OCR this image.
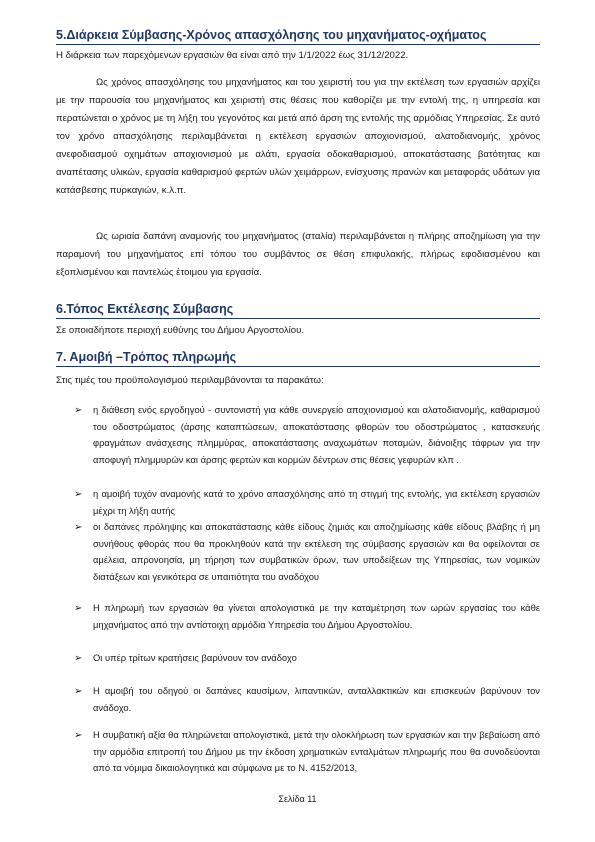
5.Διάρκεια Σύμβασης-Χρόνος απασχόλησης του μηχανήματος-οχήματος

Η διάρκεια των παρεχόμενων εργασιών θα είναι από την 1/1/2022 έως 31/12/2022.

Ως χρόνος απασχόλησης του μηχανήματος και του χειριστή του για την εκτέλεση των εργασιών αρχίζει με την παρουσία του μηχανήματος και χειριστή στις θέσεις που καθορίζει με την εντολή της, η υπηρεσία και περατώνεται ο χρόνος με τη λήξη του γεγονότος και μετά από άρση της εντολής της αρμόδιας Υπηρεσίας. Σε αυτό τον χρόνο απασχόλησης περιλαμβάνεται η εκτέλεση εργασιών αποχιονισμού, αλατοδιανομής, χρόνος ανεφοδιασμού οχημάτων αποχιονισμού με αλάτι, εργασία οδοκαθαρισμού, αποκατάστασης βατότητας και αναπέτασης υλικών, εργασία καθαρισμού φερτών υλών χειμάρρων, ενίσχυσης πρανών και μεταφοράς υδάτων για κατάσβεσης πυρκαγιών, κ.λ.π.

Ως ωριαία δαπάνη αναμονής του μηχανήματος (σταλία) περιλαμβάνεται η πλήρης αποζημίωση για την παραμονή του μηχανήματος επί τόπου του συμβάντος σε θέση επιφυλακής, πλήρως εφοδιασμένου και εξοπλισμένου και παντελώς έτοιμου για εργασία.

6.Τόπος Εκτέλεσης Σύμβασης

Σε οποιαδήποτε περιοχή ευθύνης του Δήμου Αργοστολίου.

7. Αμοιβή –Τρόπος πληρωμής

Στις τιμές του προϋπολογισμού περιλαμβάνονται τα παρακάτω:

➢	η διάθεση ενός εργοδηγού - συντονιστή για κάθε συνεργείο αποχιονισμού και αλατοδιανομής, καθαρισμού του οδοστρώματος (άρσης καταπτώσεων, αποκατάστασης φθορών του οδοστρώματος , κατασκευής φραγμάτων ανάσχεσης πλημμύρας, αποκατάστασης αναχωμάτων ποταμών, διάνοιξης τάφρων για την αποφυγή πλημμυρών και άρσης φερτών και κορμών δέντρων στις θέσεις γεφυρών κλπ .

➢	η αμοιβή τυχόν αναμονής κατά το χρόνο απασχόλησης από τη στιγμή της εντολής, για εκτέλεση εργασιών μέχρι τη λήξη αυτής

➢	οι δαπάνες πρόληψης και αποκατάστασης κάθε είδους ζημιάς και αποζημίωσης κάθε είδους βλάβης ή μη συνήθους φθοράς που θα προκληθούν κατά την εκτέλεση της σύμβασης εργασιών και θα οφείλονται σε αμέλεια, απρονοησία, μη τήρηση των συμβατικών όρων, των υποδείξεων της Υπηρεσίας, των νομικών διατάξεων και γενικότερα σε υπαιτιότητα του αναδόχου

➢	Η πληρωμή των εργασιών θα γίνεται απολογιστικά με την καταμέτρηση των ωρών εργασίας του κάθε μηχανήματος από την αντίστοιχη αρμόδια Υπηρεσία του Δήμου Αργοστολίου.

➢	Οι υπέρ τρίτων κρατήσεις βαρύνουν τον ανάδοχο

➢	Η αμοιβή του οδηγού οι δαπάνες καυσίμων, λιπαντικών, ανταλλακτικών και επισκευών βαρύνουν τον ανάδοχο.

➢	Η συμβατική αξία θα πληρώνεται απολογιστικά, μετά την ολοκλήρωση των εργασιών και την βεβαίωση από την αρμόδια επιτροπή του Δήμου με την έκδοση χρηματικών ενταλμάτων πληρωμής που θα συνοδεύονται από τα νόμιμα δικαιολογητικά και σύμφωνα με το Ν. 4152/2013,

Σελίδα 11
